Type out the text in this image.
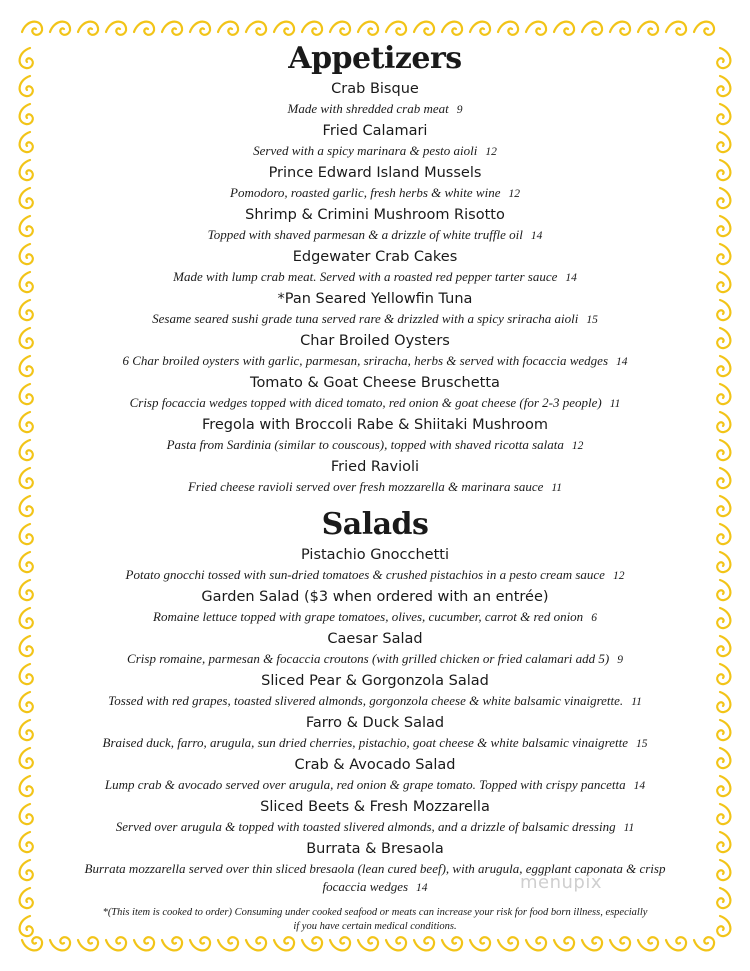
Appetizers

Crab Bisque

Made with shredded crab meat 9

Fried Calamari

Served with a spicy marinara & pesto aioli 12

Prince Edward Island Mussels

Pomodoro, roasted garlic, fresh herbs & white wine 12

Shrimp & Crimini Mushroom Risotto

Topped with shaved parmesan & a drizzle of white truffle oil 14

Edgewater Crab Cakes

Made with lump crab meat. Served with a roasted red pepper tarter sauce 14

*Pan Seared Yellowfin Tuna

Sesame seared sushi grade tuna served rare & drizzled with a spicy sriracha aioli 15

Char Broiled Oysters

6 Char broiled oysters with garlic, parmesan, sriracha, herbs & served with focaccia wedges 14

Tomato & Goat Cheese Bruschetta

Crisp focaccia wedges topped with diced tomato, red onion & goat cheese (for 2-3 people) 11

Fregola with Broccoli Rabe & Shiitaki Mushroom

Pasta from Sardinia (similar to couscous), topped with shaved ricotta salata 12

Fried Ravioli

Fried cheese ravioli served over fresh mozzarella & marinara sauce 11

Salads

Pistachio Gnocchetti

Potato gnocchi tossed with sun-dried tomatoes & crushed pistachios in a pesto cream sauce 12

Garden Salad ($3 when ordered with an entrée)

Romaine lettuce topped with grape tomatoes, olives, cucumber, carrot & red onion 6

Caesar Salad

Crisp romaine, parmesan & focaccia croutons (with grilled chicken or fried calamari add 5) 9

Sliced Pear & Gorgonzola Salad

Tossed with red grapes, toasted slivered almonds, gorgonzola cheese & white balsamic vinaigrette. 11

Farro & Duck Salad

Braised duck, farro, arugula, sun dried cherries, pistachio, goat cheese & white balsamic vinaigrette 15

Crab & Avocado Salad

Lump crab & avocado served over arugula, red onion & grape tomato. Topped with crispy pancetta 14

Sliced Beets & Fresh Mozzarella

Served over arugula & topped with toasted slivered almonds, and a drizzle of balsamic dressing 11

Burrata & Bresaola

Burrata mozzarella served over thin sliced bresaola (lean cured beef), with arugula, eggplant caponata & crisp focaccia wedges 14

*(This item is cooked to order) Consuming under cooked seafood or meats can increase your risk for food born illness, especially if you have certain medical conditions.

menupix
